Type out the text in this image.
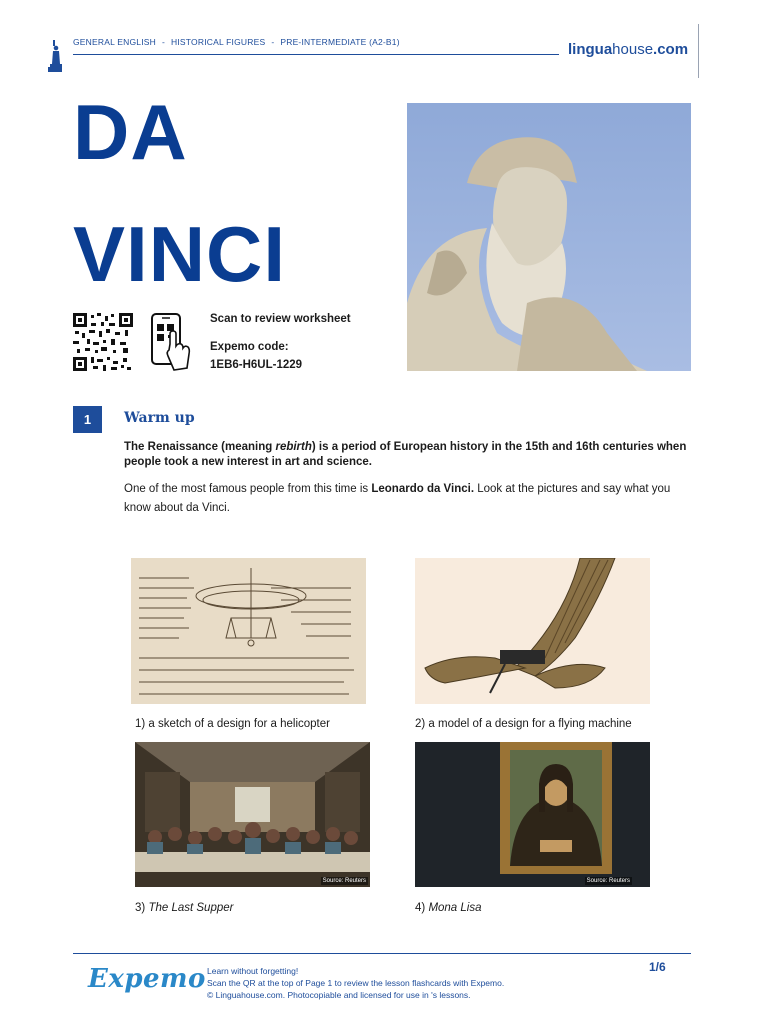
GENERAL ENGLISH - HISTORICAL FIGURES - PRE-INTERMEDIATE (A2-B1)	linguahouse.com
DA
VINCI
Scan to review worksheet
Expemo code:
1EB6-H6UL-1229
1	Warm up
The Renaissance (meaning rebirth) is a period of European history in the 15th and 16th centuries when people took a new interest in art and science.
One of the most famous people from this time is Leonardo da Vinci. Look at the pictures and say what you know about da Vinci.
Source: Reuters	Source: Reuters
1) a sketch of a design for a helicopter	2) a model of a design for a flying machine
3) The Last Supper	4) Mona Lisa
Expemo Learn without forgetting!
Scan the QR at the top of Page 1 to review the lesson flashcards with Expemo.
© Linguahouse.com. Photocopiable and licensed for use in 's lessons.
1/6
